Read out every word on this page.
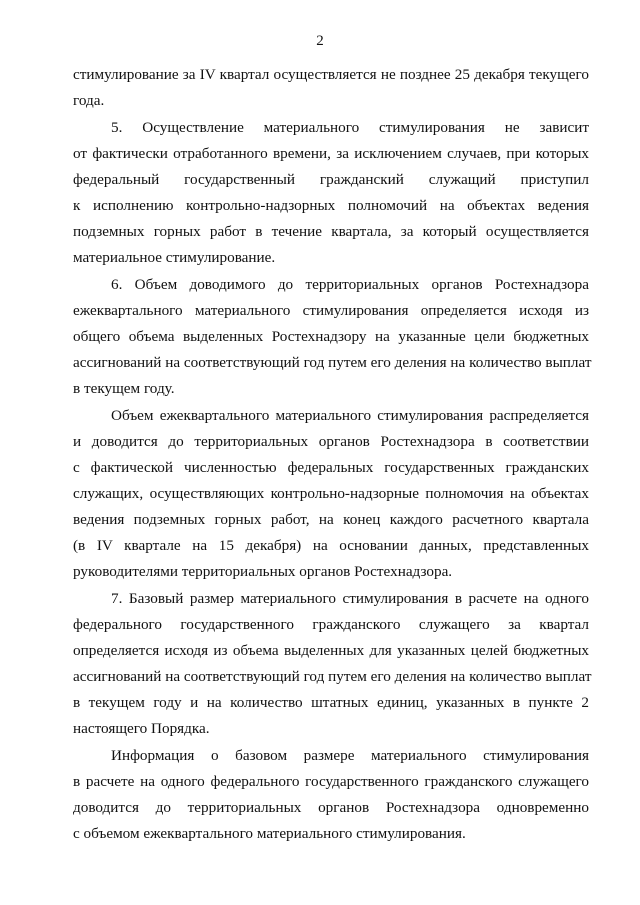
2
стимулирование за IV квартал осуществляется не позднее 25 декабря текущего
года.
5. Осуществление материального стимулирования не зависит
от фактически отработанного времени, за исключением случаев, при которых
федеральный государственный гражданский служащий приступил
к исполнению контрольно-надзорных полномочий на объектах ведения
подземных горных работ в течение квартала, за который осуществляется
материальное стимулирование.
6. Объем доводимого до территориальных органов Ростехнадзора
ежеквартального материального стимулирования определяется исходя из
общего объема выделенных Ростехнадзору на указанные цели бюджетных
ассигнований на соответствующий год путем его деления на количество выплат
в текущем году.
Объем ежеквартального материального стимулирования распределяется
и доводится до территориальных органов Ростехнадзора в соответствии
с фактической численностью федеральных государственных гражданских
служащих, осуществляющих контрольно-надзорные полномочия на объектах
ведения подземных горных работ, на конец каждого расчетного квартала
(в IV квартале на 15 декабря) на основании данных, представленных
руководителями территориальных органов Ростехнадзора.
7. Базовый размер материального стимулирования в расчете на одного
федерального государственного гражданского служащего за квартал
определяется исходя из объема выделенных для указанных целей бюджетных
ассигнований на соответствующий год путем его деления на количество выплат
в текущем году и на количество штатных единиц, указанных в пункте 2
настоящего Порядка.
Информация о базовом размере материального стимулирования
в расчете на одного федерального государственного гражданского служащего
доводится до территориальных органов Ростехнадзора одновременно
с объемом ежеквартального материального стимулирования.
